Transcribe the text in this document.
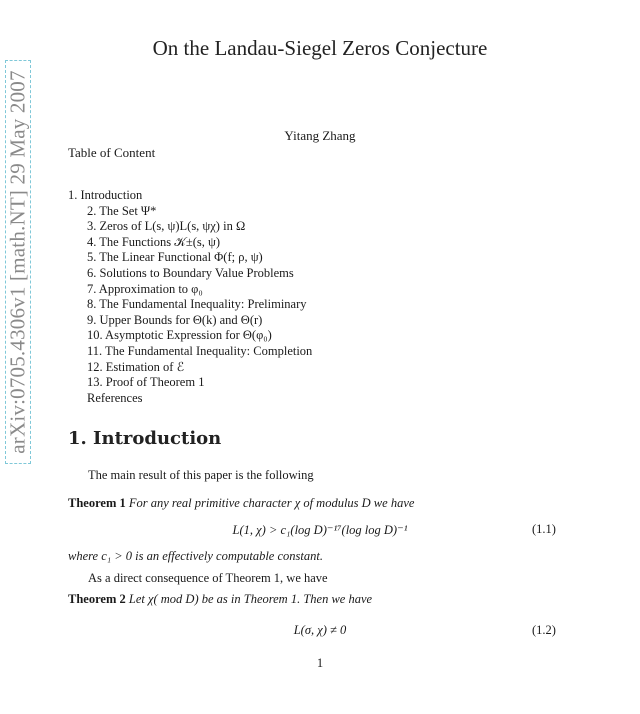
arXiv:0705.4306v1 [math.NT] 29 May 2007
On the Landau-Siegel Zeros Conjecture
Yitang Zhang
Table of Content
1. Introduction
2. The Set Ψ*
3. Zeros of L(s, ψ)L(s, ψχ) in Ω
4. The Functions 𝒦±(s, ψ)
5. The Linear Functional Φ(f; ρ, ψ)
6. Solutions to Boundary Value Problems
7. Approximation to φ₀
8. The Fundamental Inequality: Preliminary
9. Upper Bounds for Θ(k) and Θ(r)
10. Asymptotic Expression for Θ(φ₀)
11. The Fundamental Inequality: Completion
12. Estimation of ℰ
13. Proof of Theorem 1
References
1. Introduction
The main result of this paper is the following
Theorem 1 For any real primitive character χ of modulus D we have
L(1, χ) > c₁(log D)⁻¹⁷(log log D)⁻¹	(1.1)
where c₁ > 0 is an effectively computable constant.
As a direct consequence of Theorem 1, we have
Theorem 2 Let χ( mod D) be as in Theorem 1. Then we have
L(σ, χ) ≠ 0	(1.2)
1
